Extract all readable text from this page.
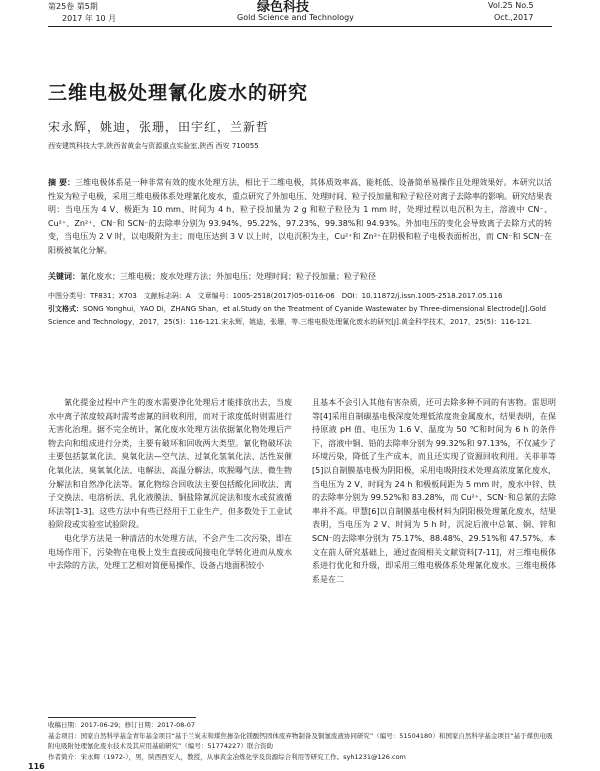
第25卷 第5期
2017 年 10 月
绿色科技
Gold Science and Technology
Vol.25 No.5
Oct.,2017
三维电极处理氰化废水的研究
宋永辉，姚迪，张珊，田宇红，兰新哲
西安建筑科技大学,陕西省黄金与资源重点实验室,陕西 西安 710055
摘 要：三维电极体系是一种非常有效的废水处理方法，相比于二维电极，其体质效率高、能耗低、设备简单易操作且处理效果好。本研究以活性炭为粒子电极，采用三维电极体系处理氰化废水，重点研究了外加电压、处理时间、粒子投加量和粒子粒径对离子去除率的影响。研究结果表明：当电压为 4 V、极距为 10 mm、时间为 4 h、粒子投加量为 2 g 和粒子粒径为 1 mm 时，处理过程以电沉积为主，溶液中 CN⁻、Cu²⁺、Zn²⁺、CN⁻和 SCN⁻的去除率分别为 93.94%、95.22%、97.23%、99.38%和 94.93%。外加电压的变化会导致离子去除方式的转变，当电压为 2 V 时，以电吸附为主；而电压达到 3 V 以上时，以电沉积为主，Cu²⁺和 Zn²⁺在阴极和粒子电极表面析出，而 CN⁻和 SCN⁻在阳极被氧化分解。
关键词：氰化废水；三维电极；废水处理方法；外加电压；处理时间；粒子投加量；粒子粒径
中图分类号：TF831；X703　文献标志码：A　文章编号：1005-2518(2017)05-0116-06　DOI：10.11872/j.issn.1005-2518.2017.05.116
引文格式：SONG Yonghui，YAO Di，ZHANG Shan，et al.Study on the Treatment of Cyanide Wastewater by Three-dimensional Electrode[J].Gold Science and Technology，2017，25(5)：116-121.宋永辉，姚迪，张珊，等.三维电极处理氰化废水的研究[J].黄金科学技术，2017，25(5)：116-121.

氰化提金过程中产生的废水需要净化处理后才能排放出去，当废水中离子浓度较高时需考虑氰的回收利用，而对于浓度低时则需进行无害化治理。据不完全统计，氰化废水处理方法依据氰化物处理后产物去向和组成进行分类，主要有破坏和回收两大类型。氰化物破坏法主要包括氯氧化法、臭氧化法—空气法、过氧化氢氧化法、活性炭催化氧化法、臭氧氧化法、电解法、高温分解法、吹脱曝气法、微生物分解法和自然净化法等。氰化物综合回收法主要包括酸化回收法、离子交换法、电溶析法、乳化液膜法、铜盐除氰沉淀法和废水或贫液循环法等[1-3]。这些方法中有些已经用于工业生产，但多数处于工业试验阶段或实验室试验阶段。

电化学方法是一种清洁的水处理方法，不会产生二次污染，即在电场作用下，污染物在电极上发生直接或间接电化学转化进而从废水中去除的方法，处理工艺相对简便易操作、设备占地面积较小

且基本不会引入其他有害杂质，还可去除多种不同的有害物。雷思明等[4]采用自制碳基电极深度处理低浓度贵金属废水，结果表明，在保持原液 pH 值、电压为 1.6 V、温度为 50 ℃和时间为 6 h 的条件下，溶液中铜、铅的去除率分别为 99.32%和 97.13%，不仅减少了环境污染，降低了生产成本，而且还实现了资源回收利用。关菲菲等[5]以自制膜基电极为阴阳极，采用电吸附技术处理高浓度氰化废水，当电压为 2 V、时间为 24 h 和极板间距为 5 mm 时，废水中锌、铁的去除率分别为 99.52%和 83.28%，而 Cu²⁺、SCN⁻和总氰的去除率并不高。甲慧[6]以自制膜基电极材料为阴阳极处理氰化废水，结果表明，当电压为 2 V、时间为 5 h 时，沉淀后液中总氰、铜、锌和 SCN⁻的去除率分别为 75.17%、88.48%、29.51%和 47.57%。本文在前人研究基础上，通过查阅相关文献资料[7-11]，对三维电极体系进行优化和升级，即采用三维电极体系处理氰化废水。三维电极体系是在二

收稿日期：2017-06-29；修订日期：2017-08-07
基金项目：国家自然科学基金青年基金项目“基于兰炭末和煤焦掺杂化镁酸钙固体废弃物制备及铜氰废液协同研究”（编号：51504180）和国家自然科学基金项目“基于煤焦电吸附电吸附处理氰化废水技术及其应用基础研究”（编号：51774227）联合资助
作者简介：宋永辉（1972-），男，陕西西安人，教授，从事黄金冶炼化学及资源综合利用等研究工作。syh1231@126.com
116
